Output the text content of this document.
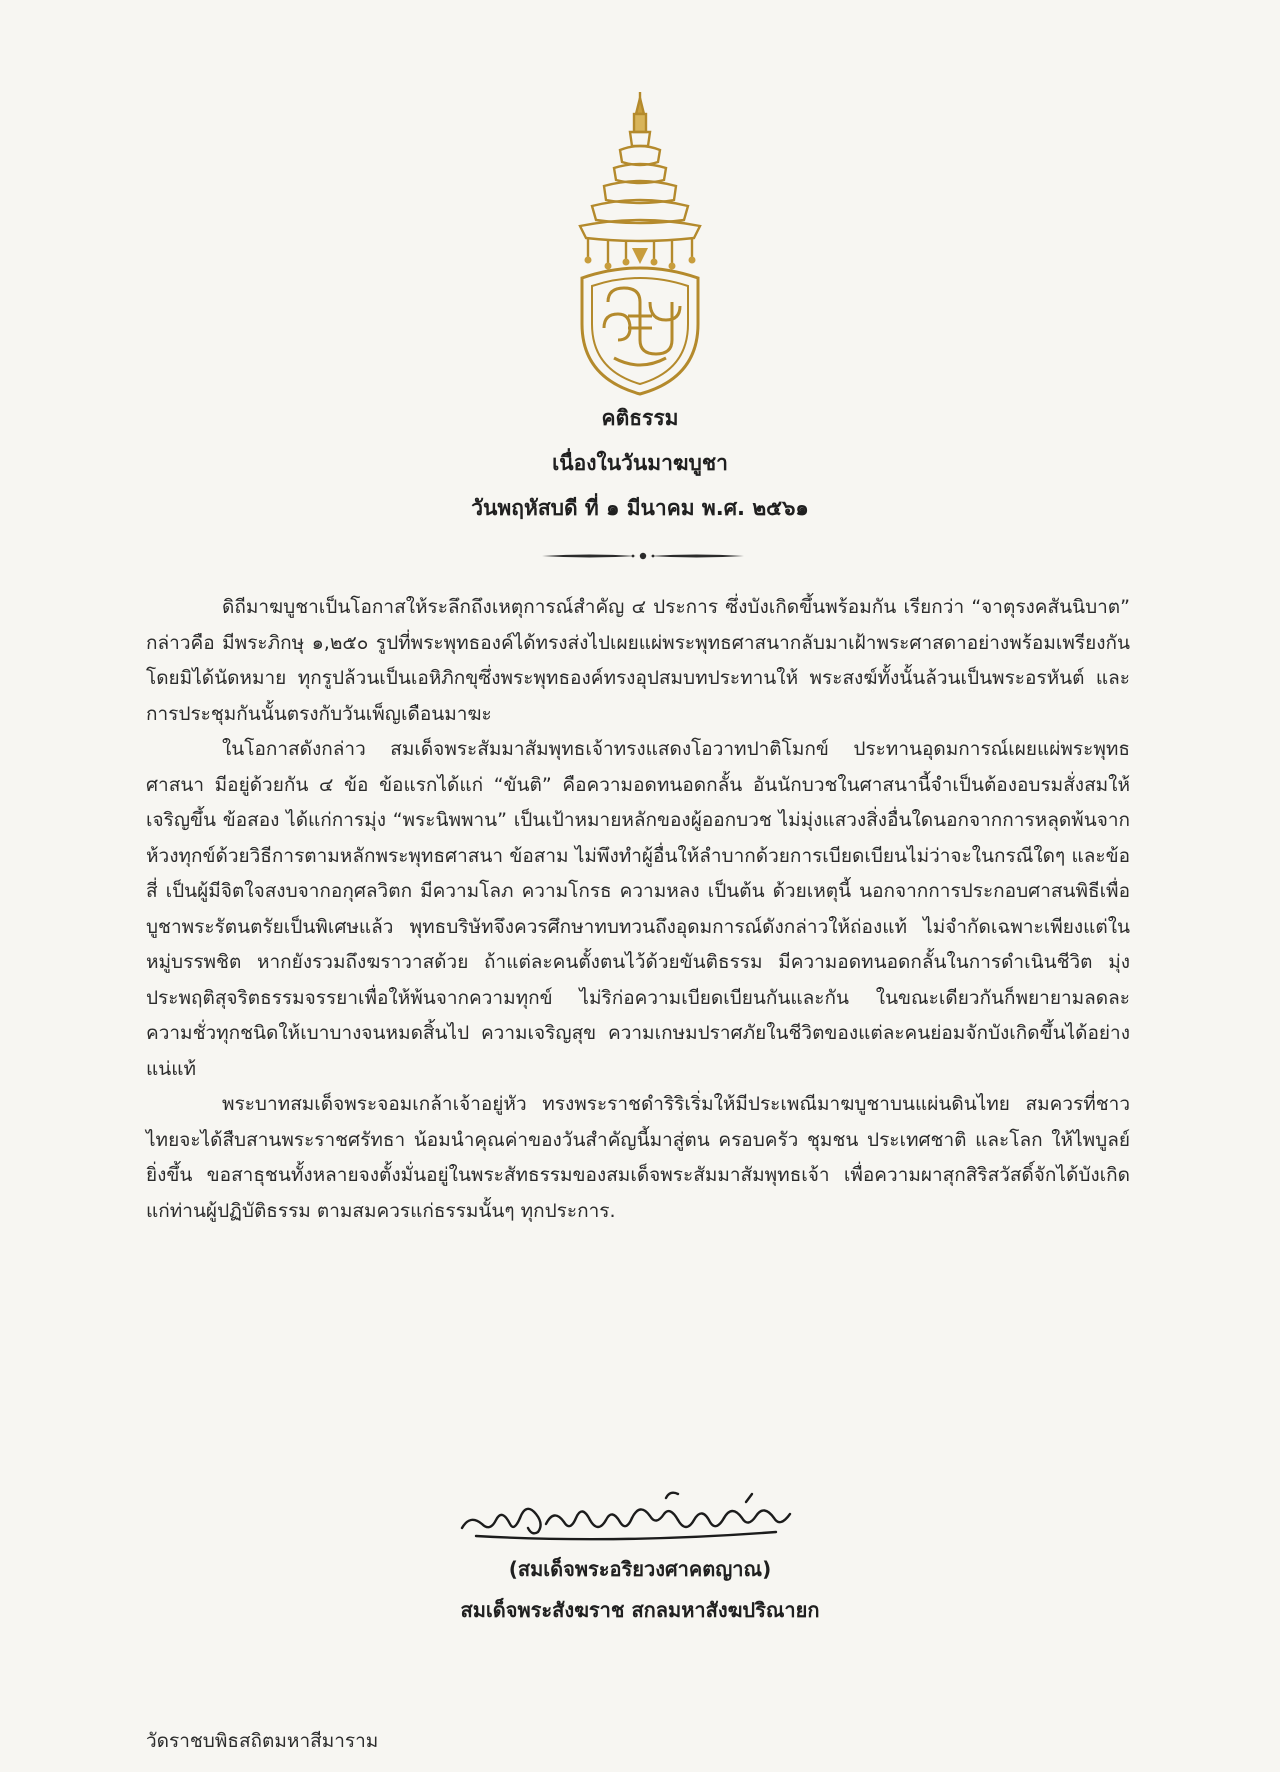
คติธรรม
เนื่องในวันมาฆบูชา
วันพฤหัสบดี ที่ ๑ มีนาคม พ.ศ. ๒๕๖๑

ดิถีมาฆบูชาเป็นโอกาสให้ระลึกถึงเหตุการณ์สำคัญ ๔ ประการ ซึ่งบังเกิดขึ้นพร้อมกัน เรียกว่า “จาตุรงคสันนิบาต” กล่าวคือ มีพระภิกษุ ๑,๒๕๐ รูปที่พระพุทธองค์ได้ทรงส่งไปเผยแผ่พระพุทธศาสนากลับมาเฝ้าพระศาสดาอย่างพร้อมเพรียงกันโดยมิได้นัดหมาย ทุกรูปล้วนเป็นเอหิภิกขุซึ่งพระพุทธองค์ทรงอุปสมบทประทานให้ พระสงฆ์ทั้งนั้นล้วนเป็นพระอรหันต์ และการประชุมกันนั้นตรงกับวันเพ็ญเดือนมาฆะ

ในโอกาสดังกล่าว สมเด็จพระสัมมาสัมพุทธเจ้าทรงแสดงโอวาทปาติโมกข์ ประทานอุดมการณ์เผยแผ่พระพุทธศาสนา มีอยู่ด้วยกัน ๔ ข้อ ข้อแรกได้แก่ “ขันติ” คือความอดทนอดกลั้น อันนักบวชในศาสนานี้จำเป็นต้องอบรมสั่งสมให้เจริญขึ้น ข้อสอง ได้แก่การมุ่ง “พระนิพพาน” เป็นเป้าหมายหลักของผู้ออกบวช ไม่มุ่งแสวงสิ่งอื่นใดนอกจากการหลุดพ้นจากห้วงทุกข์ด้วยวิธีการตามหลักพระพุทธศาสนา ข้อสาม ไม่พึงทำผู้อื่นให้ลำบากด้วยการเบียดเบียนไม่ว่าจะในกรณีใดๆ และข้อสี่ เป็นผู้มีจิตใจสงบจากอกุศลวิตก มีความโลภ ความโกรธ ความหลง เป็นต้น ด้วยเหตุนี้ นอกจากการประกอบศาสนพิธีเพื่อบูชาพระรัตนตรัยเป็นพิเศษแล้ว พุทธบริษัทจึงควรศึกษาทบทวนถึงอุดมการณ์ดังกล่าวให้ถ่องแท้ ไม่จำกัดเฉพาะเพียงแต่ในหมู่บรรพชิต หากยังรวมถึงฆราวาสด้วย ถ้าแต่ละคนตั้งตนไว้ด้วยขันติธรรม มีความอดทนอดกลั้นในการดำเนินชีวิต มุ่งประพฤติสุจริตธรรมจรรยาเพื่อให้พ้นจากความทุกข์ ไม่ริก่อความเบียดเบียนกันและกัน ในขณะเดียวกันก็พยายามลดละความชั่วทุกชนิดให้เบาบางจนหมดสิ้นไป ความเจริญสุข ความเกษมปราศภัยในชีวิตของแต่ละคนย่อมจักบังเกิดขึ้นได้อย่างแน่แท้

พระบาทสมเด็จพระจอมเกล้าเจ้าอยู่หัว ทรงพระราชดำริริเริ่มให้มีประเพณีมาฆบูชาบนแผ่นดินไทย สมควรที่ชาวไทยจะได้สืบสานพระราชศรัทธา น้อมนำคุณค่าของวันสำคัญนี้มาสู่ตน ครอบครัว ชุมชน ประเทศชาติ และโลก ให้ไพบูลย์ยิ่งขึ้น ขอสาธุชนทั้งหลายจงตั้งมั่นอยู่ในพระสัทธรรมของสมเด็จพระสัมมาสัมพุทธเจ้า เพื่อความผาสุกสิริสวัสดิ์จักได้บังเกิดแก่ท่านผู้ปฏิบัติธรรม ตามสมควรแก่ธรรมนั้นๆ ทุกประการ.

(สมเด็จพระอริยวงศาคตญาณ)
สมเด็จพระสังฆราช สกลมหาสังฆปริณายก
วัดราชบพิธสถิตมหาสีมาราม
